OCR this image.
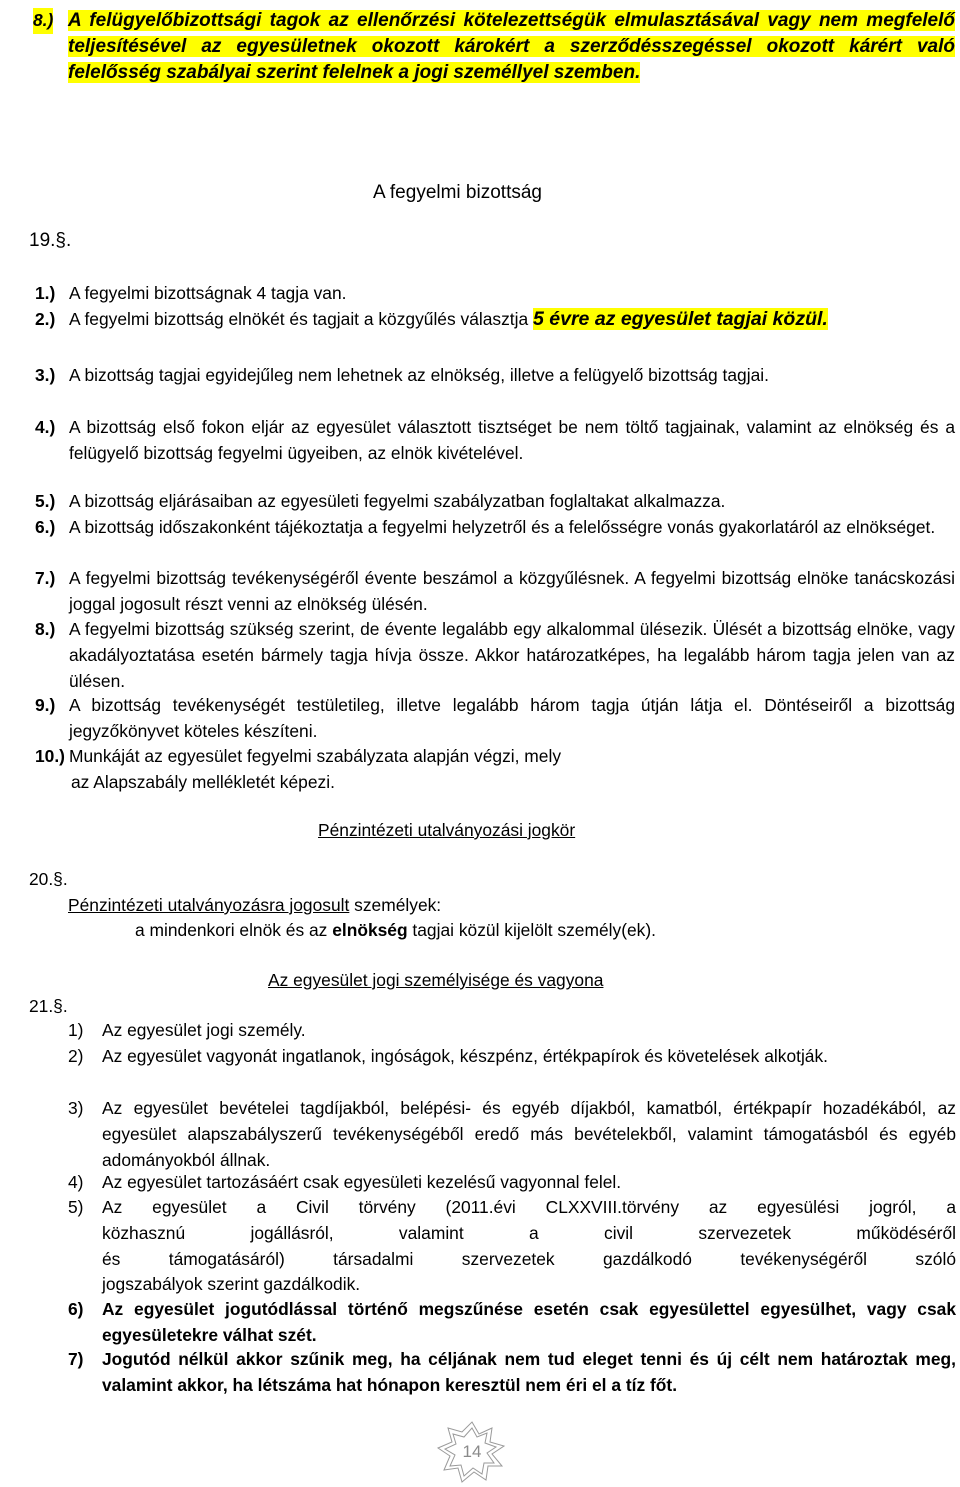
8.) A felügyelőbizottsági tagok az ellenőrzési kötelezettségük elmulasztásával vagy nem megfelelő teljesítésével az egyesületnek okozott károkért a szerződésszegéssel okozott kárért való felelősség szabályai szerint felelnek a jogi személlyel szemben.
A fegyelmi bizottság
19.§.
1.) A fegyelmi bizottságnak 4 tagja van.
2.) A fegyelmi bizottság elnökét és tagjait a közgyűlés választja 5 évre az egyesület tagjai közül.
3.) A bizottság tagjai egyidejűleg nem lehetnek az elnökség, illetve a felügyelő bizottság tagjai.
4.) A bizottság első fokon eljár az egyesület választott tisztséget be nem töltő tagjainak, valamint az elnökség és a felügyelő bizottság fegyelmi ügyeiben, az elnök kivételével.
5.) A bizottság eljárásaiban az egyesületi fegyelmi szabályzatban foglaltakat alkalmazza.
6.) A bizottság időszakonként tájékoztatja a fegyelmi helyzetről és a felelősségre vonás gyakorlatáról az elnökséget.
7.) A fegyelmi bizottság tevékenységéről évente beszámol a közgyűlésnek. A fegyelmi bizottság elnöke tanácskozási joggal jogosult részt venni az elnökség ülésén.
8.) A fegyelmi bizottság szükség szerint, de évente legalább egy alkalommal ülésezik. Ülését a bizottság elnöke, vagy akadályoztatása esetén bármely tagja hívja össze. Akkor határozatképes, ha legalább három tagja jelen van az ülésen.
9.) A bizottság tevékenységét testületileg, illetve legalább három tagja útján látja el. Döntéseiről a bizottság jegyzőkönyvet köteles készíteni.
10.) Munkáját az egyesület fegyelmi szabályzata alapján végzi, mely
az Alapszabály mellékletét képezi.
Pénzintézeti utalványozási jogkör
20.§.
Pénzintézeti utalványozásra jogosult személyek:
a mindenkori elnök és az elnökség tagjai közül kijelölt személy(ek).
Az egyesület jogi személyisége és vagyona
21.§.
1) Az egyesület jogi személy.
2) Az egyesület vagyonát ingatlanok, ingóságok, készpénz, értékpapírok és követelések alkotják.
3) Az egyesület bevételei tagdíjakból, belépési- és egyéb díjakból, kamatból, értékpapír hozadékából, az egyesület alapszabályszerű tevékenységéből eredő más bevételekből, valamint támogatásból és egyéb adományokból állnak.
4) Az egyesület tartozásáért csak egyesületi kezelésű vagyonnal felel.
5) Az egyesület a Civil törvény (2011.évi CLXXVIII.törvény az egyesülési jogról, a
közhasznú jogállásról, valamint a civil szervezetek működéséről
és támogatásáról) társadalmi szervezetek gazdálkodó tevékenységéről szóló
jogszabályok szerint gazdálkodik.
6) Az egyesület jogutódlással történő megszűnése esetén csak egyesülettel egyesülhet, vagy csak egyesületekre válhat szét.
7) Jogutód nélkül akkor szűnik meg, ha céljának nem tud eleget tenni és új célt nem határoztak meg, valamint akkor, ha létszáma hat hónapon keresztül nem éri el a tíz főt.
14
